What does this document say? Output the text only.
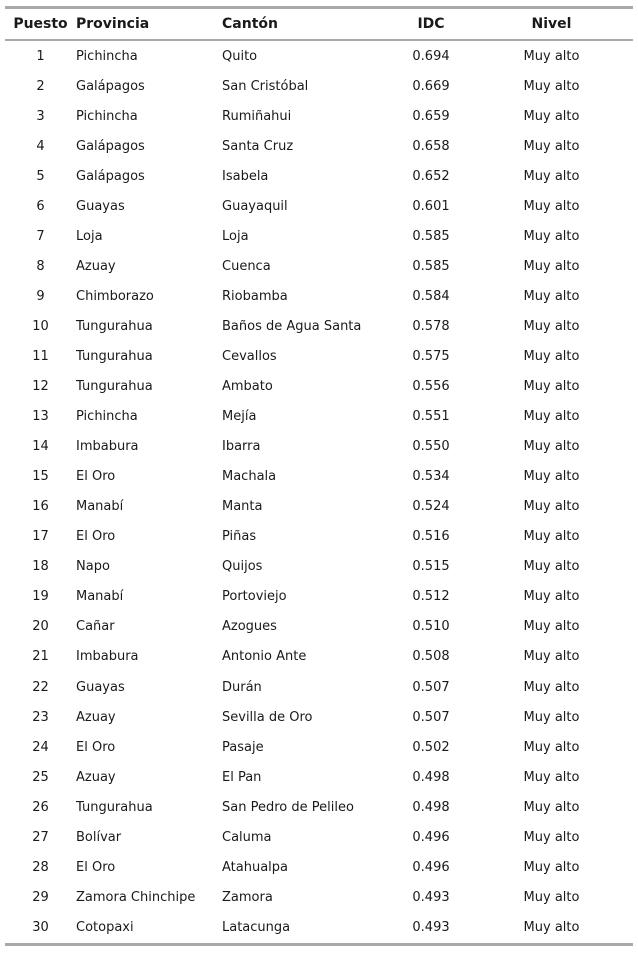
Puesto	Provincia	Cantón	IDC	Nivel
1	Pichincha	Quito	0.694	Muy alto
2	Galápagos	San Cristóbal	0.669	Muy alto
3	Pichincha	Rumiñahui	0.659	Muy alto
4	Galápagos	Santa Cruz	0.658	Muy alto
5	Galápagos	Isabela	0.652	Muy alto
6	Guayas	Guayaquil	0.601	Muy alto
7	Loja	Loja	0.585	Muy alto
8	Azuay	Cuenca	0.585	Muy alto
9	Chimborazo	Riobamba	0.584	Muy alto
10	Tungurahua	Baños de Agua Santa	0.578	Muy alto
11	Tungurahua	Cevallos	0.575	Muy alto
12	Tungurahua	Ambato	0.556	Muy alto
13	Pichincha	Mejía	0.551	Muy alto
14	Imbabura	Ibarra	0.550	Muy alto
15	El Oro	Machala	0.534	Muy alto
16	Manabí	Manta	0.524	Muy alto
17	El Oro	Piñas	0.516	Muy alto
18	Napo	Quijos	0.515	Muy alto
19	Manabí	Portoviejo	0.512	Muy alto
20	Cañar	Azogues	0.510	Muy alto
21	Imbabura	Antonio Ante	0.508	Muy alto
22	Guayas	Durán	0.507	Muy alto
23	Azuay	Sevilla de Oro	0.507	Muy alto
24	El Oro	Pasaje	0.502	Muy alto
25	Azuay	El Pan	0.498	Muy alto
26	Tungurahua	San Pedro de Pelileo	0.498	Muy alto
27	Bolívar	Caluma	0.496	Muy alto
28	El Oro	Atahualpa	0.496	Muy alto
29	Zamora Chinchipe	Zamora	0.493	Muy alto
30	Cotopaxi	Latacunga	0.493	Muy alto
